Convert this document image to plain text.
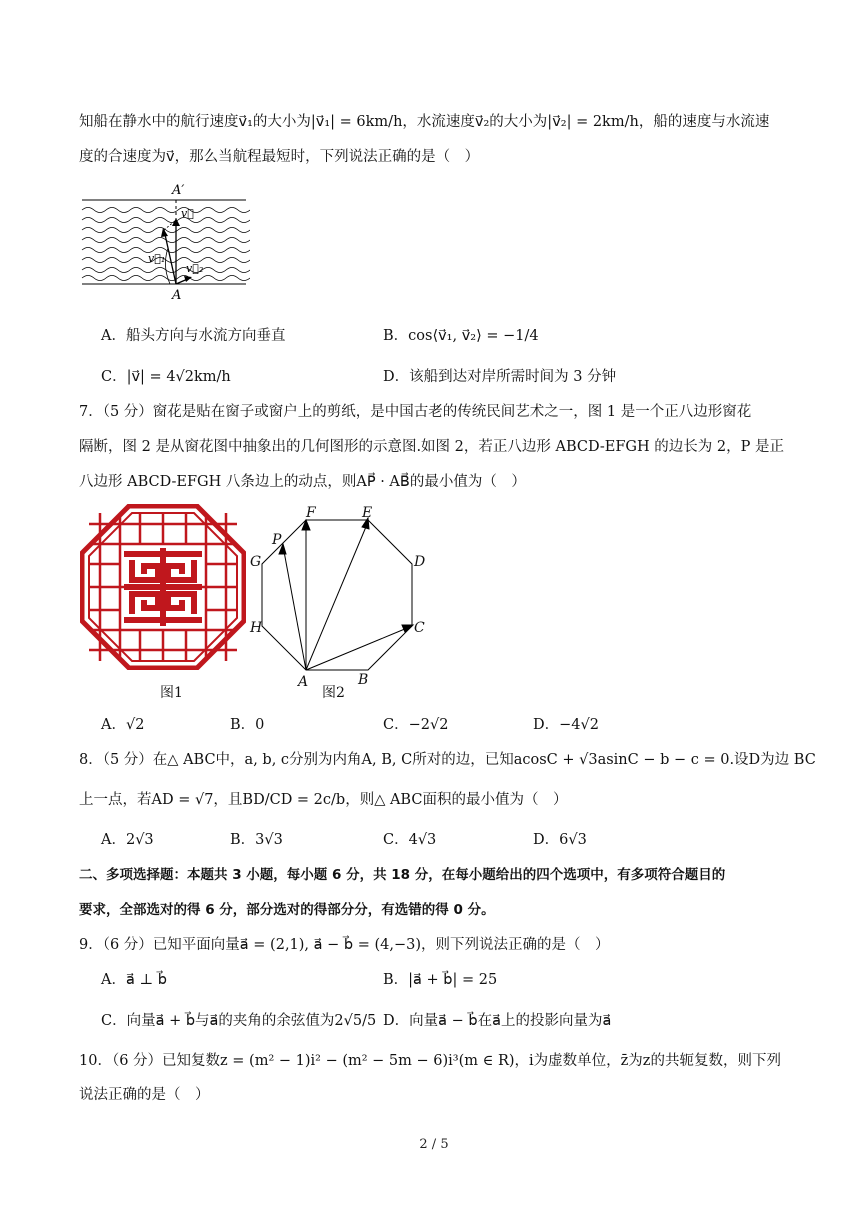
知船在静水中的航行速度v⃗₁的大小为|v⃗₁| = 6km/h，水流速度v⃗₂的大小为|v⃗₂| = 2km/h，船的速度与水流速
度的合速度为v⃗，那么当航程最短时，下列说法正确的是（　）
A′
A
v⃗
v⃗₁
v⃗₂
A．船头方向与水流方向垂直	B．cos⟨v⃗₁, v⃗₂⟩ = −1/4
C．|v⃗| = 4√2km/h	D．该船到达对岸所需时间为 3 分钟
7．（5 分）窗花是贴在窗子或窗户上的剪纸，是中国古老的传统民间艺术之一，图 1 是一个正八边形窗花
隔断，图 2 是从窗花图中抽象出的几何图形的示意图.如图 2，若正八边形 ABCD-EFGH 的边长为 2，P 是正
八边形 ABCD-EFGH 八条边上的动点，则AP⃗ · AB⃗的最小值为（　）
图1
A	B
C
D
E
F
G
H
P
图2
A．√2	B．0	C．−2√2	D．−4√2
8．（5 分）在△ ABC中，a, b, c分别为内角A, B, C所对的边，已知acosC + √3asinC − b − c = 0.设D为边 BC
上一点，若AD = √7，且BD/CD = 2c/b，则△ ABC面积的最小值为（　）
A．2√3	B．3√3	C．4√3	D．6√3
二、多项选择题：本题共 3 小题，每小题 6 分，共 18 分，在每小题给出的四个选项中，有多项符合题目的
要求，全部选对的得 6 分，部分选对的得部分分，有选错的得 0 分。
9．（6 分）已知平面向量a⃗ = (2,1), a⃗ − b⃗ = (4,−3)，则下列说法正确的是（　）
A．a⃗ ⊥ b⃗	B．|a⃗ + b⃗| = 25
C．向量a⃗ + b⃗与a⃗的夹角的余弦值为2√5/5 D．向量a⃗ − b⃗在a⃗上的投影向量为a⃗
10．（6 分）已知复数z = (m² − 1)i² − (m² − 5m − 6)i³(m ∈ R)，i为虚数单位，z̄为z的共轭复数，则下列
说法正确的是（　）
2 / 5
